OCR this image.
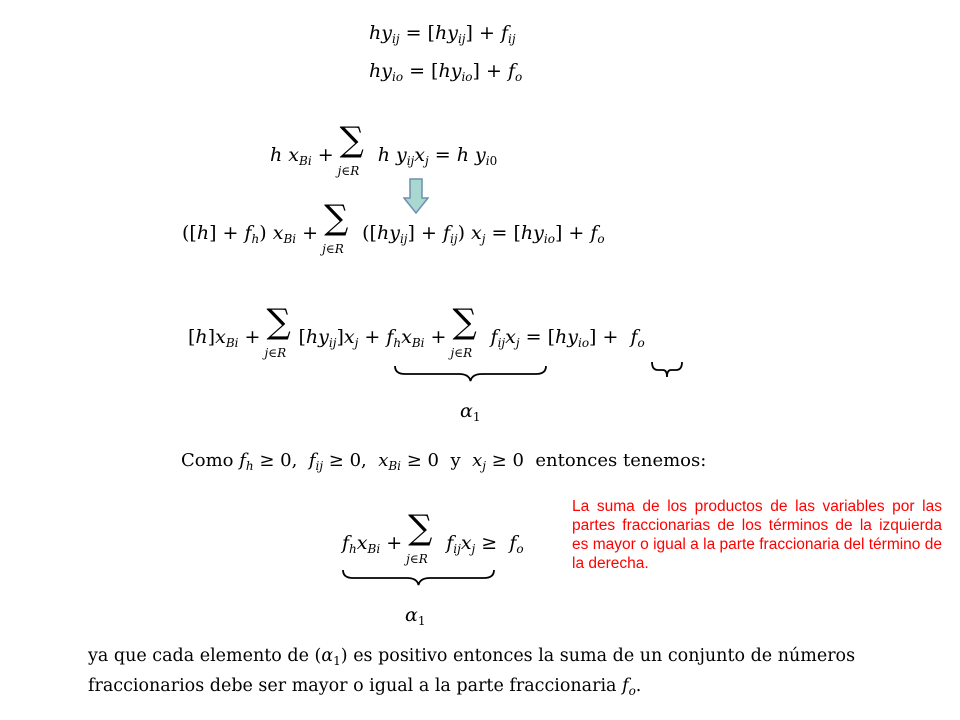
$hy_{ij} = [hy_{ij}] + f_{ij}$
$hy_{io} = [hy_{io}] + f_o$
h $x_{Bi}$ + ∑
j∈R
h $y_{ij}x_j = h$ $y_{i0}$
$([h] + f_h)$ $x_{Bi}$ + ∑
j∈R
$([hy_{ij}] + f_{ij}) x_j = [hy_{io}] + f_o$
$[h]x_{Bi}$ + ∑
j∈R
$[hy_{ij}]x_j + f_hx_{Bi}$ + ∑
j∈R
$f_{ij}x_j = [hy_{io}] + f_o$
$\alpha_1$
Como $f_h \ge 0$,  $f_{ij} \ge 0$,  $x_{Bi} \ge 0$  y $x_j \ge 0$  entonces tenemos:
$f_hx_{Bi}$ + ∑
j∈R
$f_{ij}x_j \ge f_o$
$\alpha_1$
La suma de los productos de las variables por las partes fraccionarias de los términos de la izquierda es mayor o igual a la parte fraccionaria del término de la derecha.
ya que cada elemento de $(\alpha_1)$ es positivo entonces la suma de un conjunto de números
fraccionarios debe ser mayor o igual a la parte fraccionaria $f_o$.
